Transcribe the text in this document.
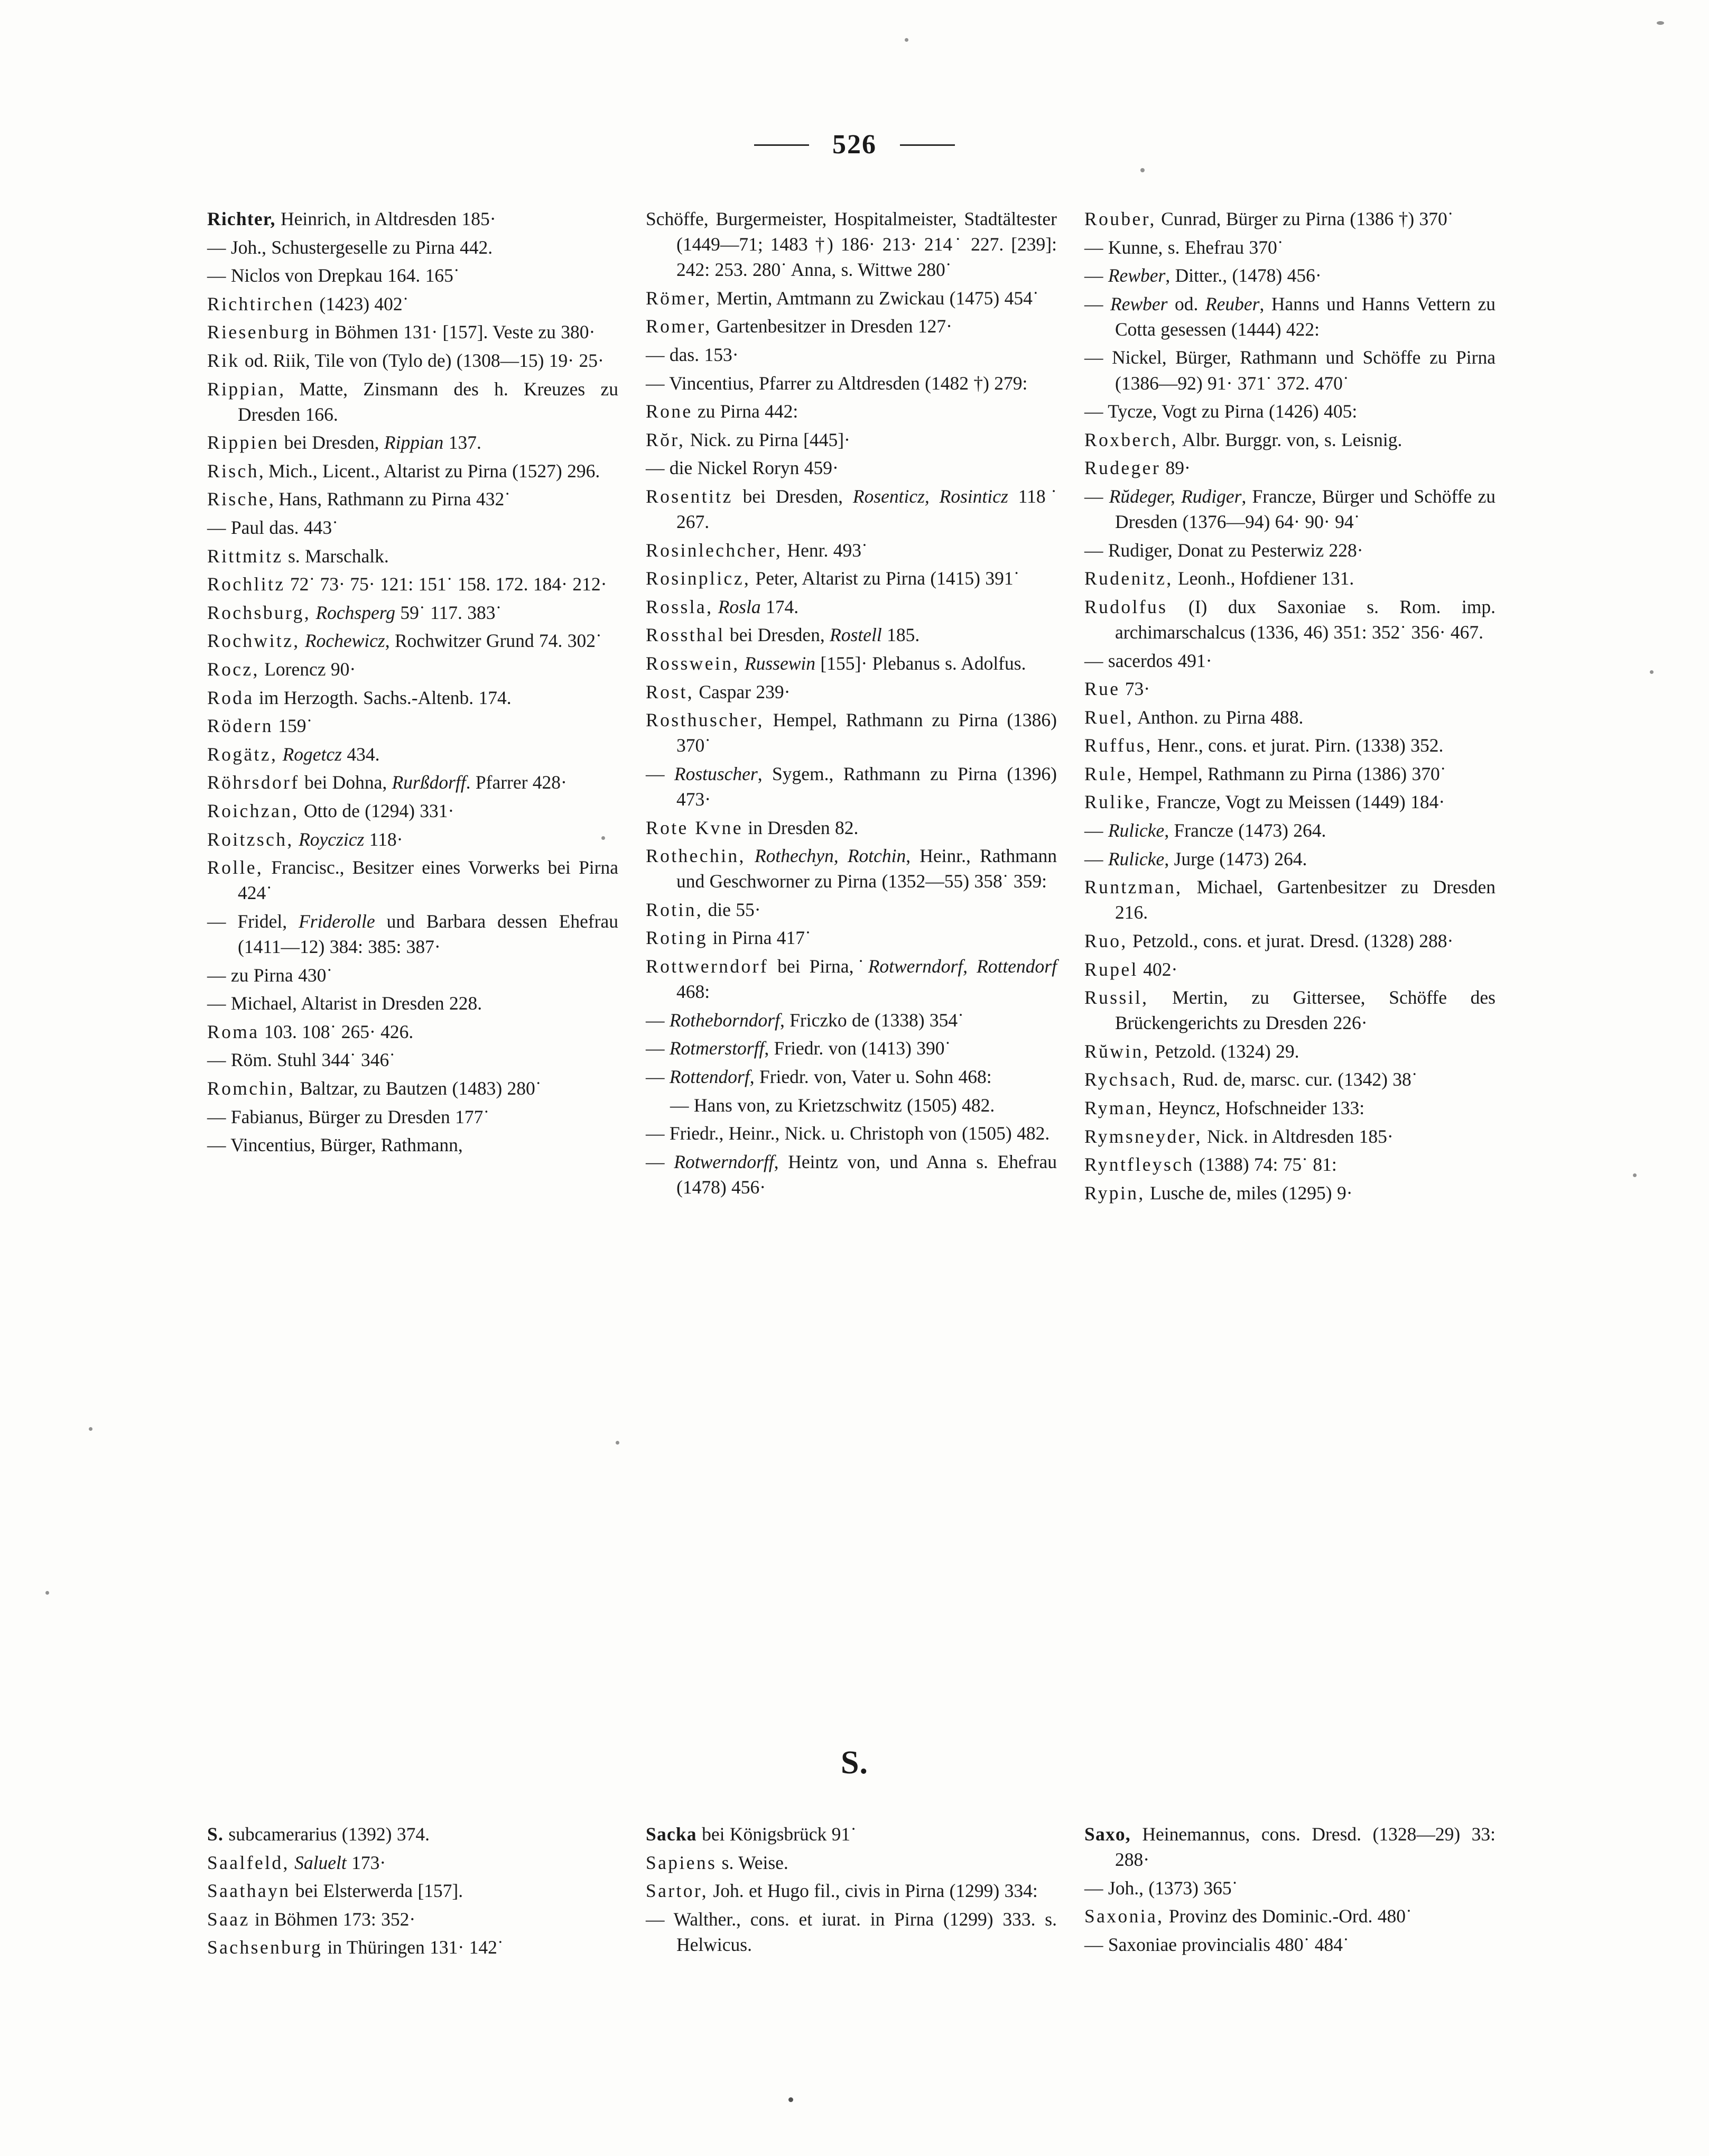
526

Richter, Heinrich, in Altdresden 185·

— Joh., Schustergeselle zu Pirna 442.

— Niclos von Drepkau 164. 165˙

Richtirchen (1423) 402˙

Riesenburg in Böhmen 131· [157]. Veste zu 380·

Rik od. Riik, Tile von (Tylo de) (1308—15) 19· 25·

Rippian, Matte, Zinsmann des h. Kreuzes zu Dresden 166.

Rippien bei Dresden, Rippian 137.

Risch, Mich., Licent., Altarist zu Pirna (1527) 296.

Rische, Hans, Rathmann zu Pirna 432˙

— Paul das. 443˙

Rittmitz s. Marschalk.

Rochlitz 72˙ 73· 75· 121: 151˙ 158. 172. 184· 212·

Rochsburg, Rochsperg 59˙ 117. 383˙

Rochwitz, Rochewicz, Rochwitzer Grund 74. 302˙

Rocz, Lorencz 90·

Roda im Herzogth. Sachs.-Altenb. 174.

Rödern 159˙

Rogätz, Rogetcz 434.

Röhrsdorf bei Dohna, Rurßdorff. Pfarrer 428·

Roichzan, Otto de (1294) 331·

Roitzsch, Royczicz 118·

Rolle, Francisc., Besitzer eines Vorwerks bei Pirna 424˙

— Fridel, Friderolle und Barbara dessen Ehefrau (1411—12) 384: 385: 387·

— zu Pirna 430˙

— Michael, Altarist in Dresden 228.

Roma 103. 108˙ 265· 426.

— Röm. Stuhl 344˙ 346˙

Romchin, Baltzar, zu Bautzen (1483) 280˙

— Fabianus, Bürger zu Dresden 177˙

— Vincentius, Bürger, Rathmann,

Schöffe, Burgermeister, Hospitalmeister, Stadtältester (1449—71; 1483 †) 186· 213· 214˙ 227. [239]: 242: 253. 280˙ Anna, s. Wittwe 280˙

Römer, Mertin, Amtmann zu Zwickau (1475) 454˙

Romer, Gartenbesitzer in Dresden 127·

— das. 153·

— Vincentius, Pfarrer zu Altdresden (1482 †) 279:

Rone zu Pirna 442:

Rŏr, Nick. zu Pirna [445]·

— die Nickel Roryn 459·

Rosentitz bei Dresden, Rosenticz, Rosinticz 118˙ 267.

Rosinlechcher, Henr. 493˙

Rosinplicz, Peter, Altarist zu Pirna (1415) 391˙

Rossla, Rosla 174.

Rossthal bei Dresden, Rostell 185.

Rosswein, Russewin [155]· Plebanus s. Adolfus.

Rost, Caspar 239·

Rosthuscher, Hempel, Rathmann zu Pirna (1386) 370˙

— Rostuscher, Sygem., Rathmann zu Pirna (1396) 473·

Rote Kvne in Dresden 82.

Rothechin, Rothechyn, Rotchin, Heinr., Rathmann und Geschworner zu Pirna (1352—55) 358˙ 359:

Rotin, die 55·

Roting in Pirna 417˙

Rottwerndorf bei Pirna,˙Rotwerndorf, Rottendorf 468:

— Rotheborndorf, Friczko de (1338) 354˙

— Rotmerstorff, Friedr. von (1413) 390˙

— Rottendorf, Friedr. von, Vater u. Sohn 468:

— Hans von, zu Krietzschwitz (1505) 482.

— Friedr., Heinr., Nick. u. Christoph von (1505) 482.

— Rotwerndorff, Heintz von, und Anna s. Ehefrau (1478) 456·

Rouber, Cunrad, Bürger zu Pirna (1386 †) 370˙

— Kunne, s. Ehefrau 370˙

— Rewber, Ditter., (1478) 456·

— Rewber od. Reuber, Hanns und Hanns Vettern zu Cotta gesessen (1444) 422:

— Nickel, Bürger, Rathmann und Schöffe zu Pirna (1386—92) 91· 371˙ 372. 470˙

— Tycze, Vogt zu Pirna (1426) 405:

Roxberch, Albr. Burggr. von, s. Leisnig.

Rudeger 89·

— Rŭdeger, Rudiger, Francze, Bürger und Schöffe zu Dresden (1376—94) 64· 90· 94˙

— Rudiger, Donat zu Pesterwiz 228·

Rudenitz, Leonh., Hofdiener 131.

Rudolfus (I) dux Saxoniae s. Rom. imp. archimarschalcus (1336, 46) 351: 352˙ 356· 467.

— sacerdos 491·

Rue 73·

Ruel, Anthon. zu Pirna 488.

Ruffus, Henr., cons. et jurat. Pirn. (1338) 352.

Rule, Hempel, Rathmann zu Pirna (1386) 370˙

Rulike, Francze, Vogt zu Meissen (1449) 184·

— Rulicke, Francze (1473) 264.

— Rulicke, Jurge (1473) 264.

Runtzman, Michael, Gartenbesitzer zu Dresden 216.

Ruo, Petzold., cons. et jurat. Dresd. (1328) 288·

Rupel 402·

Russil, Mertin, zu Gittersee, Schöffe des Brückengerichts zu Dresden 226·

Rŭwin, Petzold. (1324) 29.

Rychsach, Rud. de, marsc. cur. (1342) 38˙

Ryman, Heyncz, Hofschneider 133:

Rymsneyder, Nick. in Altdresden 185·

Ryntfleysch (1388) 74: 75˙ 81:

Rypin, Lusche de, miles (1295) 9·

S.

S. subcamerarius (1392) 374.

Saalfeld, Saluelt 173·

Saathayn bei Elsterwerda [157].

Saaz in Böhmen 173: 352·

Sachsenburg in Thüringen 131· 142˙

Sacka bei Königsbrück 91˙

Sapiens s. Weise.

Sartor, Joh. et Hugo fil., civis in Pirna (1299) 334:

— Walther., cons. et iurat. in Pirna (1299) 333. s. Helwicus.

Saxo, Heinemannus, cons. Dresd. (1328—29) 33: 288·

— Joh., (1373) 365˙

Saxonia, Provinz des Dominic.-Ord. 480˙

— Saxoniae provincialis 480˙ 484˙
